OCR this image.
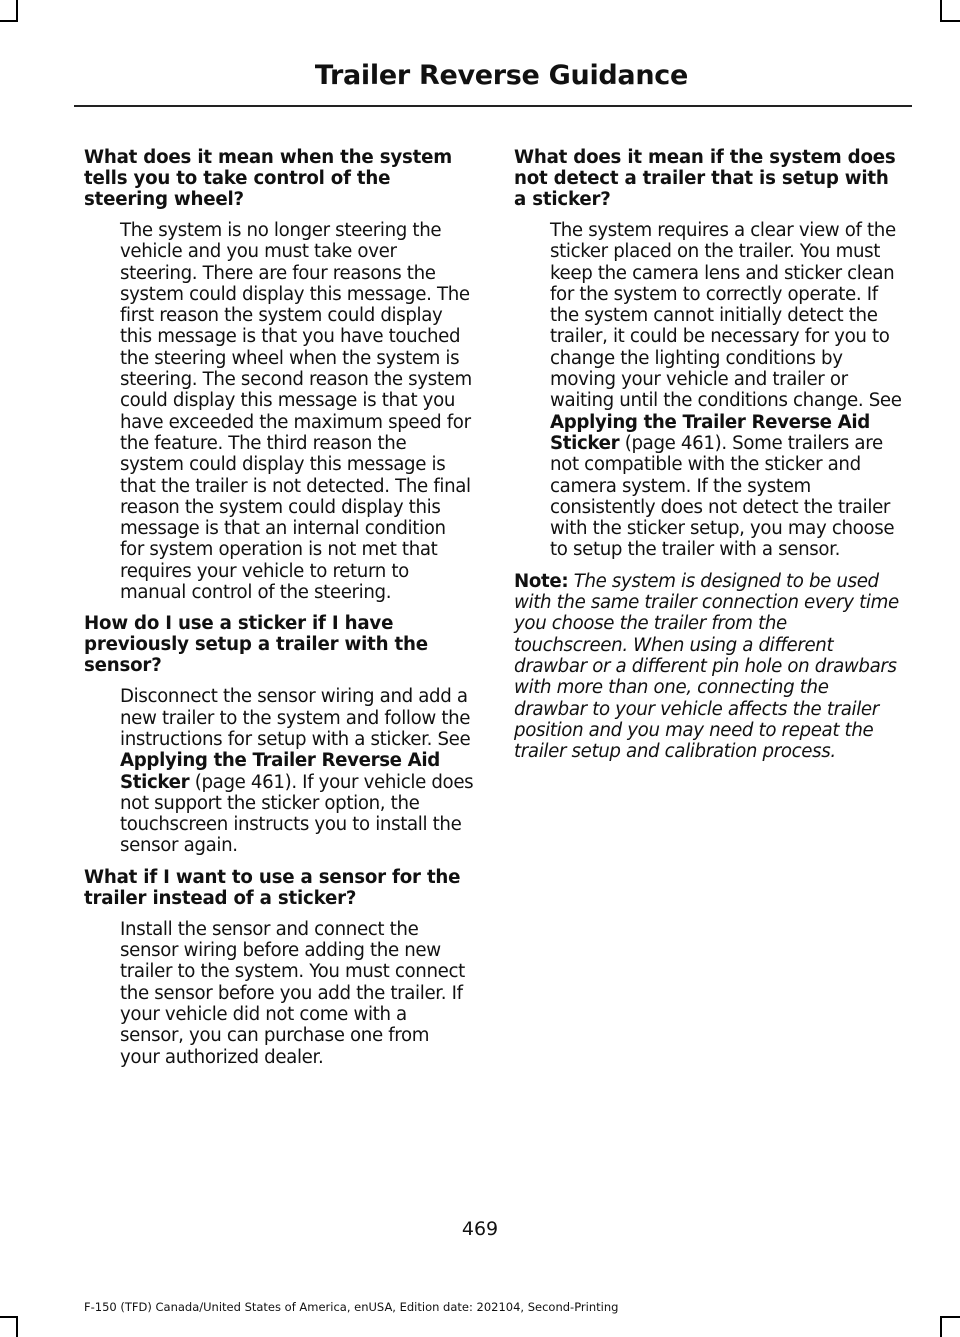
Trailer Reverse Guidance

What does it mean when the system tells you to take control of the steering wheel?

The system is no longer steering the vehicle and you must take over steering. There are four reasons the system could display this message. The first reason the system could display this message is that you have touched the steering wheel when the system is steering. The second reason the system could display this message is that you have exceeded the maximum speed for the feature. The third reason the system could display this message is that the trailer is not detected. The final reason the system could display this message is that an internal condition for system operation is not met that requires your vehicle to return to manual control of the steering.

How do I use a sticker if I have previously setup a trailer with the sensor?

Disconnect the sensor wiring and add a new trailer to the system and follow the instructions for setup with a sticker. See Applying the Trailer Reverse Aid Sticker (page 461). If your vehicle does not support the sticker option, the touchscreen instructs you to install the sensor again.

What if I want to use a sensor for the trailer instead of a sticker?

Install the sensor and connect the sensor wiring before adding the new trailer to the system. You must connect the sensor before you add the trailer. If your vehicle did not come with a sensor, you can purchase one from your authorized dealer.

What does it mean if the system does not detect a trailer that is setup with a sticker?

The system requires a clear view of the sticker placed on the trailer. You must keep the camera lens and sticker clean for the system to correctly operate. If the system cannot initially detect the trailer, it could be necessary for you to change the lighting conditions by moving your vehicle and trailer or waiting until the conditions change. See Applying the Trailer Reverse Aid Sticker (page 461). Some trailers are not compatible with the sticker and camera system. If the system consistently does not detect the trailer with the sticker setup, you may choose to setup the trailer with a sensor.

Note: The system is designed to be used with the same trailer connection every time you choose the trailer from the touchscreen. When using a different drawbar or a different pin hole on drawbars with more than one, connecting the drawbar to your vehicle affects the trailer position and you may need to repeat the trailer setup and calibration process.

469
F-150 (TFD) Canada/United States of America, enUSA, Edition date: 202104, Second-Printing
